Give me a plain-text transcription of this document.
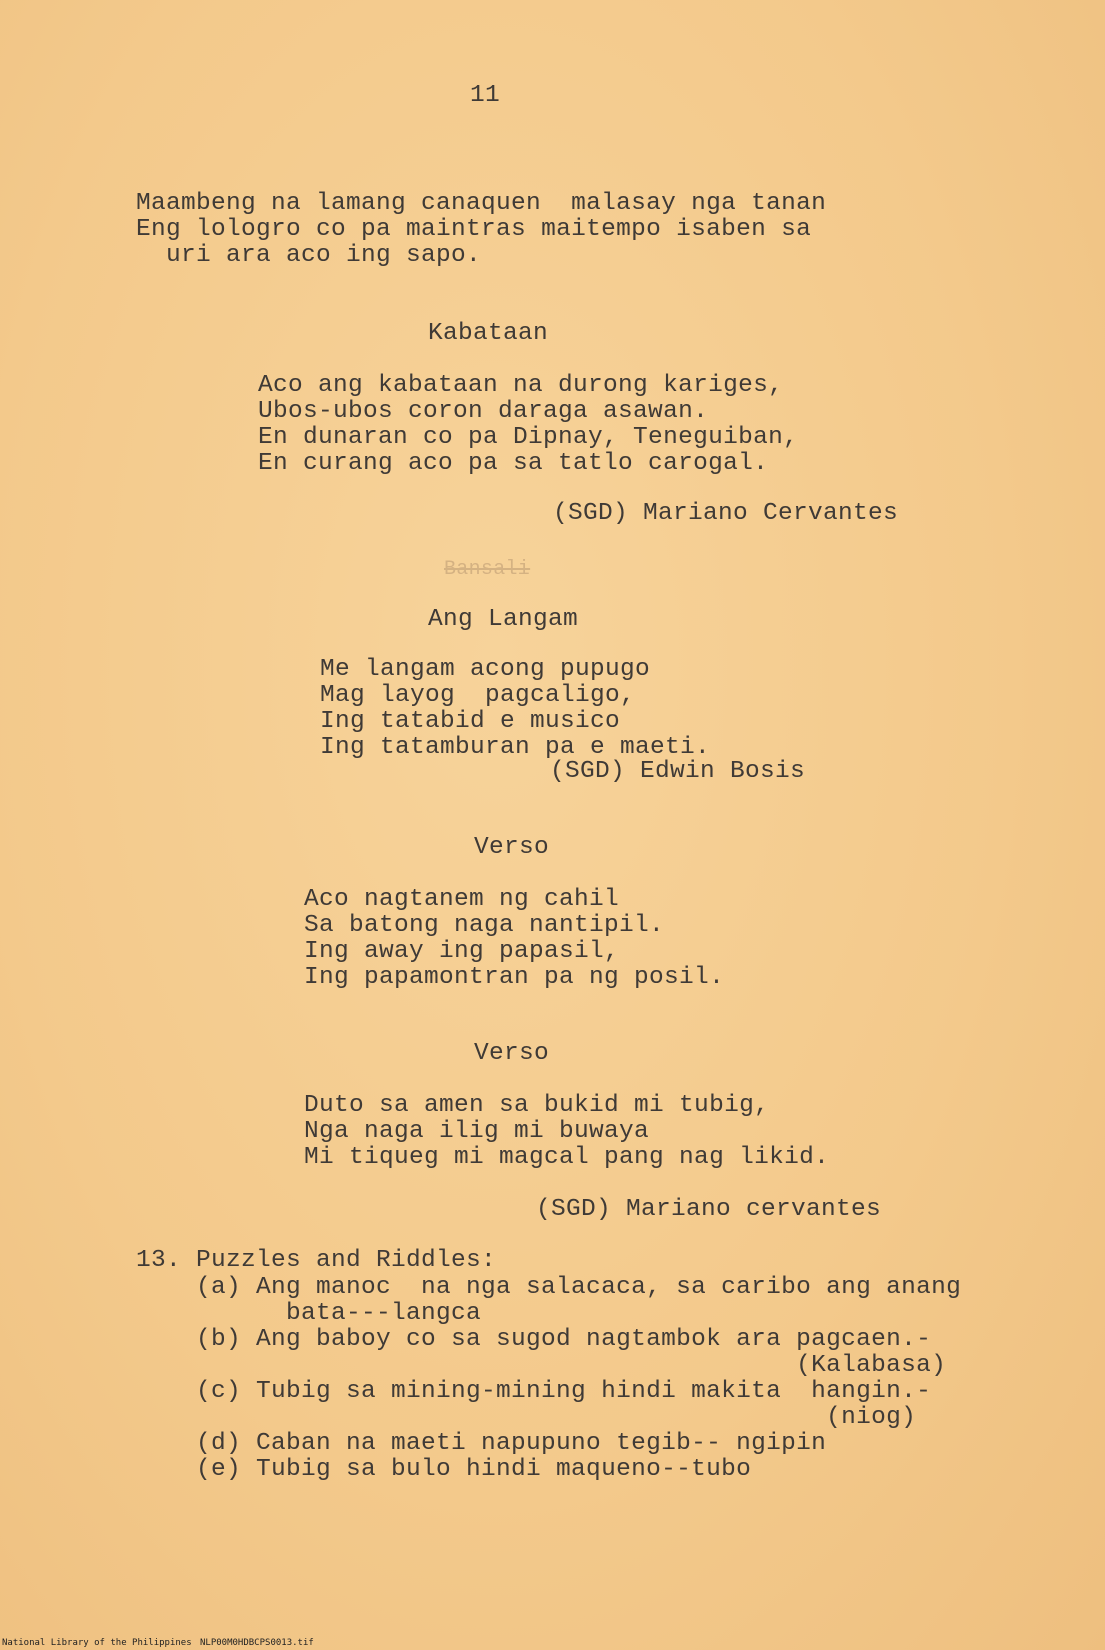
11
Maambeng na lamang canaquen  malasay nga tanan
Eng lologro co pa maintras maitempo isaben sa
uri ara aco ing sapo.
Kabataan
Aco ang kabataan na durong kariges,
Ubos-ubos coron daraga asawan.
En dunaran co pa Dipnay, Teneguiban,
En curang aco pa sa tatlo carogal.
(SGD) Mariano Cervantes
Bansali
Ang Langam
Me langam acong pupugo
Mag layog  pagcaligo,
Ing tatabid e musico
Ing tatamburan pa e maeti.
(SGD) Edwin Bosis
Verso
Aco nagtanem ng cahil
Sa batong naga nantipil.
Ing away ing papasil,
Ing papamontran pa ng posil.
Verso
Duto sa amen sa bukid mi tubig,
Nga naga ilig mi buwaya
Mi tiqueg mi magcal pang nag likid.
(SGD) Mariano cervantes
13. Puzzles and Riddles:
(a) Ang manoc  na nga salacaca, sa caribo ang anang
bata---langca
(b) Ang baboy co sa sugod nagtambok ara pagcaen.-
(Kalabasa)
(c) Tubig sa mining-mining hindi makita  hangin.-
(niog)
(d) Caban na maeti napupuno tegib-- ngipin
(e) Tubig sa bulo hindi maqueno--tubo
National Library of the Philippines NLP00M0HDBCPS0013.tif
